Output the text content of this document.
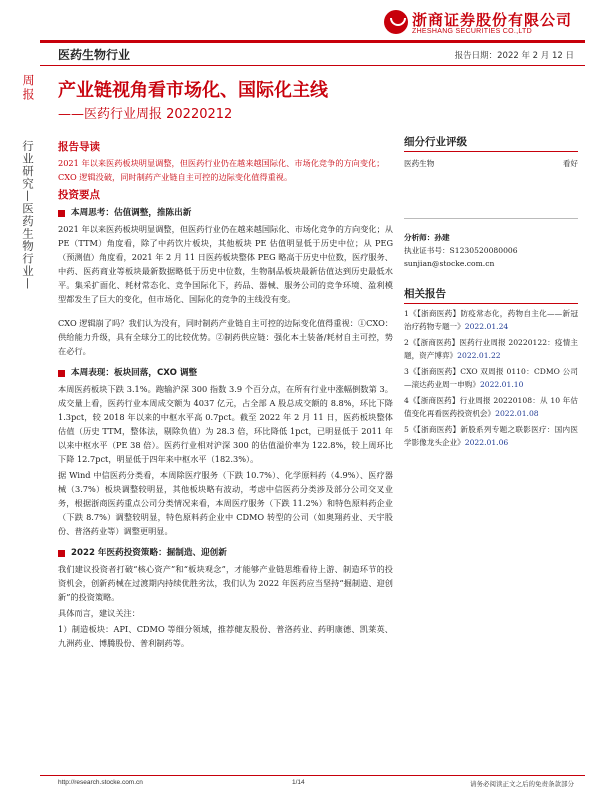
浙商证券股份有限公司
ZHESHANG SECURITIES CO.,LTD
医药生物行业	报告日期：2022 年 2 月 12 日
周报
行业研究—医药生物行业—
产业链视角看市场化、国际化主线
——医药行业周报 20220212
报告导读
2021 年以来医药板块明显调整，但医药行业仍在越来越国际化、市场化竞争的方向变化；CXO 逻辑没破，同时制药产业链自主可控的边际变化值得重视。
投资要点
本周思考：估值调整，推陈出新
2021 年以来医药板块明显调整，但医药行业仍在越来越国际化、市场化竞争的方向变化；从 PE（TTM）角度看，除了中药饮片板块，其他板块 PE 估值明显低于历史中位；从 PEG（预测值）角度看，2021 年 2 月 11 日医药板块整体 PEG 略高于历史中位数，医疗服务、中药、医药商业等板块最新数据略低于历史中位数，生物制品板块最新估值达到历史最低水平。集采扩面化、耗材常态化、竞争国际化下，药品、器械、服务公司的竞争环境、盈利模型都发生了巨大的变化，但市场化、国际化的竞争的主线没有变。
CXO 逻辑崩了吗？我们认为没有，同时制药产业链自主可控的边际变化值得重视：①CXO：供给能力升级，具有全球分工的比较优势。②制药供应链：强化本土装备/耗材自主可控，势在必行。
本周表现：板块回落，CXO 调整
本周医药板块下跌 3.1%。跑输沪深 300 指数 3.9 个百分点，在所有行业中涨幅倒数第 3。成交量上看，医药行业本周成交额为 4037 亿元，占全部 A 股总成交额的 8.8%，环比下降 1.3pct，较 2018 年以来的中枢水平高 0.7pct。截至 2022 年 2 月 11 日，医药板块整体估值（历史 TTM，整体法，剔除负值）为 28.3 倍，环比降低 1pct，已明显低于 2011 年以来中枢水平（PE 38 倍）。医药行业相对沪深 300 的估值溢价率为 122.8%，较上周环比下降 12.7pct，明显低于四年来中枢水平（182.3%）。
据 Wind 中信医药分类看，本周除医疗服务（下跌 10.7%）、化学原料药（4.9%）、医疗器械（3.7%）板块调整较明显，其他板块略有波动，考虑中信医药分类涉及部分公司交叉业务，根据浙商医药重点公司分类情况来看，本周医疗服务（下跌 11.2%）和特色原料药企业（下跌 8.7%）调整较明显，特色原料药企业中 CDMO 转型的公司（如奥翔药业、天宇股份、普洛药业等）调整更明显。
2022 年医药投资策略：掘制造、迎创新
我们建议投资者打破“核心资产”和“板块观念”，才能够产业链思维看待上游、制造环节的投资机会，创新药械在过渡期内持续优胜劣汰，我们认为 2022 年医药应当坚持“掘制造、迎创新”的投资策略。
具体而言，建议关注：
1）制造板块：API、CDMO 等细分领域，推荐健友股份、普洛药业、药明康德、凯莱英、九洲药业、博腾股份、普利制药等。
细分行业评级
医药生物	看好
分析师：孙建
执业证书号：S1230520080006
sunjian@stocke.com.cn
相关报告
1《【浙商医药】防疫常态化，药物自主化——新冠治疗药物专题一》2022.01.24
2《【浙商医药】医药行业周报 20220122：疫情主题，资产博弈》2022.01.22
3《【浙商医药】CXO 双周报 0110：CDMO 公司—滚达药业周一申购》2022.01.10
4《【浙商医药】行业周报 20220108：从 10 年估值变化再看医药投资机会》2022.01.08
5《【浙商医药】新股系列专题之联影医疗：国内医学影像龙头企业》2022.01.06
http://research.stocke.com.cn	1/14	请务必阅读正文之后的免责条款部分
